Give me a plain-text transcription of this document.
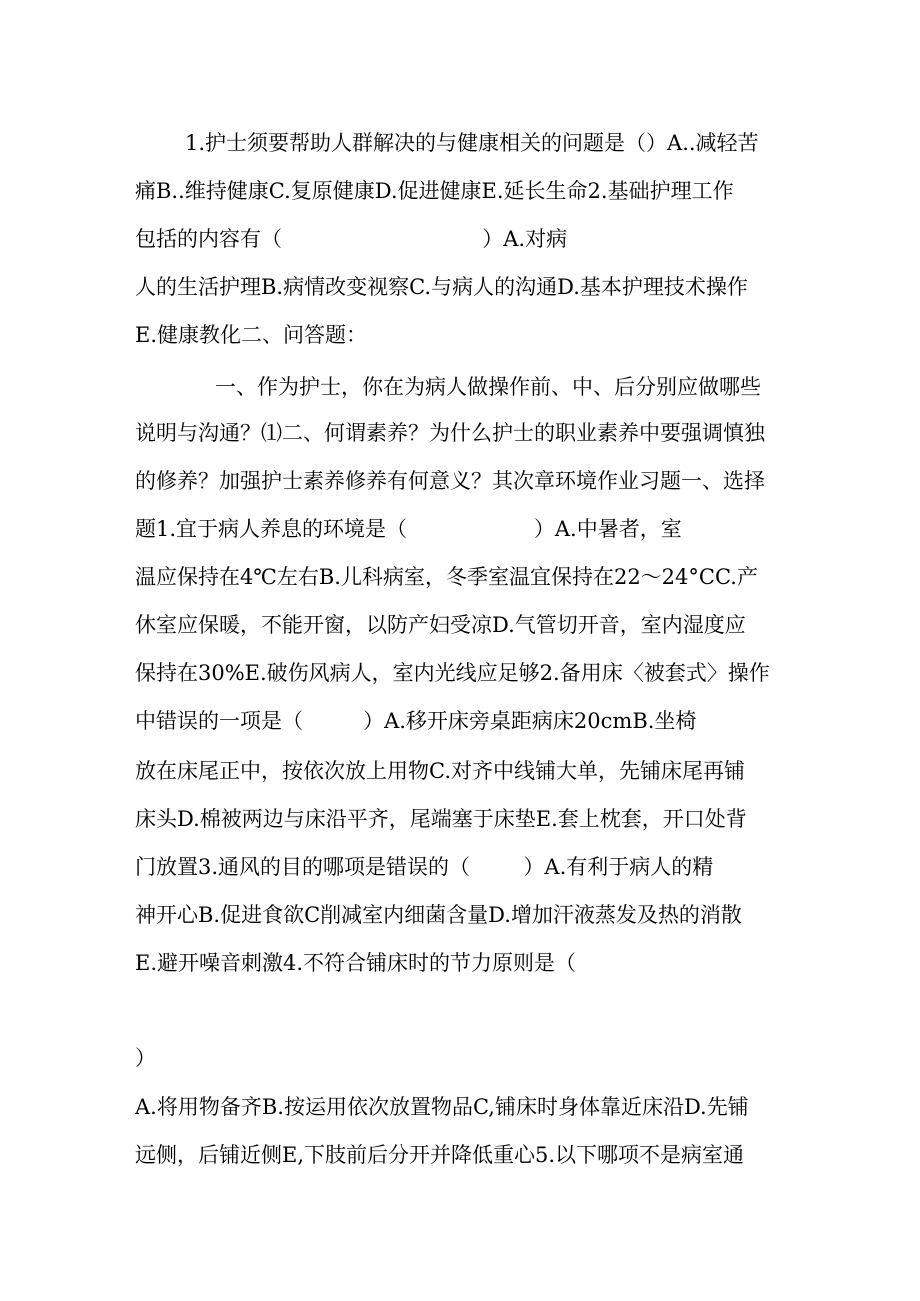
1.护士须要帮助人群解决的与健康相关的问题是（）A..减轻苦
痛B..维持健康C.复原健康D.促进健康E.延长生命2.基础护理工作
包括的内容有（                              ）A.对病
人的生活护理B.病情改变视察C.与病人的沟通D.基本护理技术操作
E.健康教化二、问答题：
一、作为护士，你在为病人做操作前、中、后分别应做哪些
说明与沟通？⑴二、何谓素养？为什么护士的职业素养中要强调慎独
的修养？加强护士素养修养有何意义？其次章环境作业习题一、选择
题1.宜于病人养息的环境是（                   ）A.中暑者，室
温应保持在4℃左右B.儿科病室，冬季室温宜保持在22～24°CC.产
休室应保暖，不能开窗，以防产妇受凉D.气管切开音，室内湿度应
保持在30%E.破伤风病人，室内光线应足够2.备用床〈被套式〉操作
中错误的一项是（         ）A.移开床旁桌距病床20cmB.坐椅
放在床尾正中，按依次放上用物C.对齐中线铺大单，先铺床尾再铺
床头D.棉被两边与床沿平齐，尾端塞于床垫E.套上枕套，开口处背
门放置3.通风的目的哪项是错误的（        ）A.有利于病人的精
神开心B.促进食欲C削减室内细菌含量D.增加汗液蒸发及热的消散
E.避开噪音刺激4.不符合铺床时的节力原则是（
）
A.将用物备齐B.按运用依次放置物品C,铺床时身体靠近床沿D.先铺
远侧，后铺近侧E,下肢前后分开并降低重心5.以下哪项不是病室通
